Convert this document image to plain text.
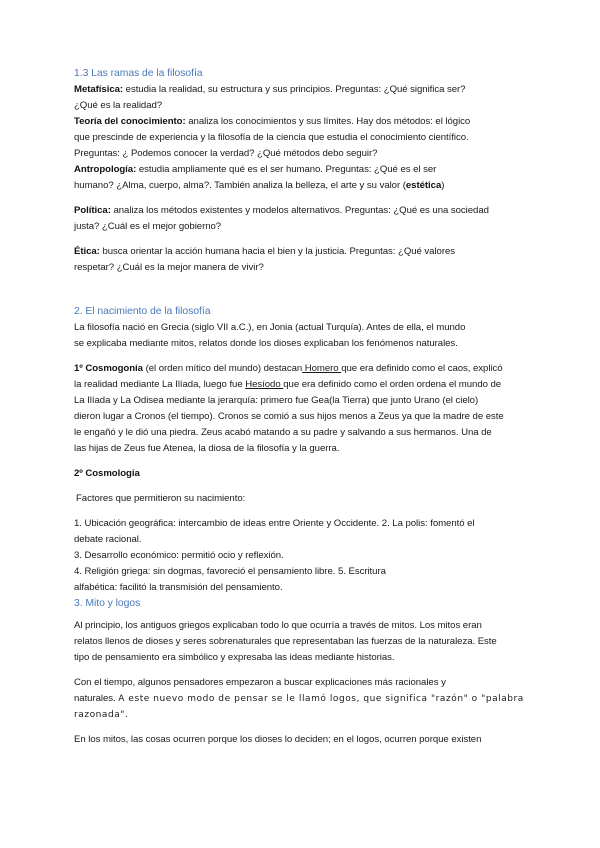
1.3 Las ramas de la filosofía

Metafísica: estudia la realidad, su estructura y sus principios. Preguntas: ¿Qué significa ser?
¿Qué es la realidad?

Teoría del conocimiento: analiza los conocimientos y sus límites. Hay dos métodos: el lógico
que prescinde de experiencia y la filosofía de la ciencia que estudia el conocimiento científico.
Preguntas: ¿ Podemos conocer la verdad? ¿Qué métodos debo seguir?

Antropología: estudia ampliamente qué es el ser humano. Preguntas: ¿Qué es el ser
humano? ¿Alma, cuerpo, alma?. También analiza la belleza, el arte y su valor (estética)

Política: analiza los métodos existentes y modelos alternativos. Preguntas: ¿Qué es una sociedad
justa? ¿Cuál es el mejor gobierno?

Ética: busca orientar la acción humana hacia el bien y la justicia. Preguntas: ¿Qué valores
respetar? ¿Cuál es la mejor manera de vivir?

2. El nacimiento de la filosofía

La filosofía nació en Grecia (siglo VII a.C.), en Jonia (actual Turquía). Antes de ella, el mundo
se explicaba mediante mitos, relatos donde los dioses explicaban los fenómenos naturales.

1º Cosmogonía (el orden mítico del mundo) destacan Homero que era definido como el caos, explicó
la realidad mediante La Ilíada, luego fue Hesíodo que era definido como el orden ordena el mundo de
La Ilíada y La Odisea mediante la jerarquía: primero fue Gea(la Tierra) que junto Urano (el cielo)
dieron lugar a Cronos (el tiempo). Cronos se comió a sus hijos menos a Zeus ya que la madre de este
le engañó y le dió una piedra. Zeus acabó matando a su padre y salvando a sus hermanos. Una de
las hijas de Zeus fue Atenea, la diosa de la filosofía y la guerra.

2º Cosmología

Factores que permitieron su nacimiento:

1. Ubicación geográfica: intercambio de ideas entre Oriente y Occidente. 2. La polis: fomentó el
debate racional.
3. Desarrollo económico: permitió ocio y reflexión.
4. Religión griega: sin dogmas, favoreció el pensamiento libre. 5. Escritura
alfabética: facilitó la transmisión del pensamiento.

3. Mito y logos

Al principio, los antiguos griegos explicaban todo lo que ocurría a través de mitos. Los mitos eran
relatos llenos de dioses y seres sobrenaturales que representaban las fuerzas de la naturaleza. Este
tipo de pensamiento era simbólico y expresaba las ideas mediante historias.

Con el tiempo, algunos pensadores empezaron a buscar explicaciones más racionales y
naturales. A este nuevo modo de pensar se le llamó logos, que significa "razón" o "palabra
razonada".

En los mitos, las cosas ocurren porque los dioses lo deciden; en el logos, ocurren porque existen
